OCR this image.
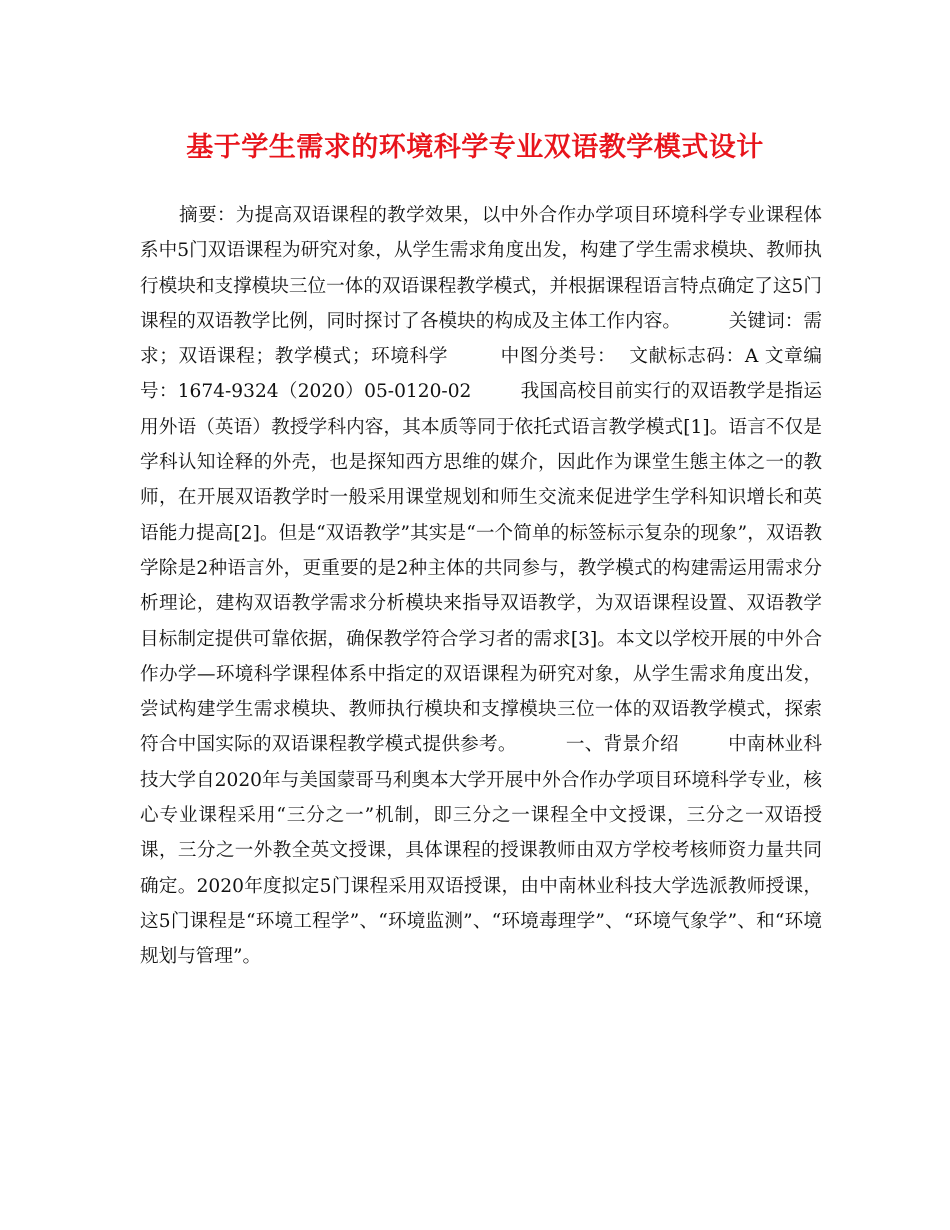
基于学生需求的环境科学专业双语教学模式设计

摘要：为提高双语课程的教学效果，以中外合作办学项目环境科学专业课程体系中5门双语课程为研究对象，从学生需求角度出发，构建了学生需求模块、教师执行模块和支撑模块三位一体的双语课程教学模式，并根据课程语言特点确定了这5门课程的双语教学比例，同时探讨了各模块的构成及主体工作内容。        关键词：需求；双语课程；教学模式；环境科学        中图分类号：  文献标志码：A 文章编号：1674-9324（2020）05-0120-02        我国高校目前实行的双语教学是指运用外语（英语）教授学科内容，其本质等同于依托式语言教学模式[1]。语言不仅是学科认知诠释的外壳，也是探知西方思维的媒介，因此作为课堂生態主体之一的教师，在开展双语教学时一般采用课堂规划和师生交流来促进学生学科知识增长和英语能力提高[2]。但是“双语教学”其实是“一个简单的标签标示复杂的现象”，双语教学除是2种语言外，更重要的是2种主体的共同参与，教学模式的构建需运用需求分析理论，建构双语教学需求分析模块来指导双语教学，为双语课程设置、双语教学目标制定提供可靠依据，确保教学符合学习者的需求[3]。本文以学校开展的中外合作办学—环境科学课程体系中指定的双语课程为研究对象，从学生需求角度出发，尝试构建学生需求模块、教师执行模块和支撑模块三位一体的双语教学模式，探索符合中国实际的双语课程教学模式提供参考。        一、背景介绍        中南林业科技大学自2020年与美国蒙哥马利奥本大学开展中外合作办学项目环境科学专业，核心专业课程采用“三分之一”机制，即三分之一课程全中文授课，三分之一双语授课，三分之一外教全英文授课，具体课程的授课教师由双方学校考核师资力量共同确定。2020年度拟定5门课程采用双语授课，由中南林业科技大学选派教师授课，这5门课程是“环境工程学”、“环境监测”、“环境毒理学”、“环境气象学”、和“环境规划与管理”。
